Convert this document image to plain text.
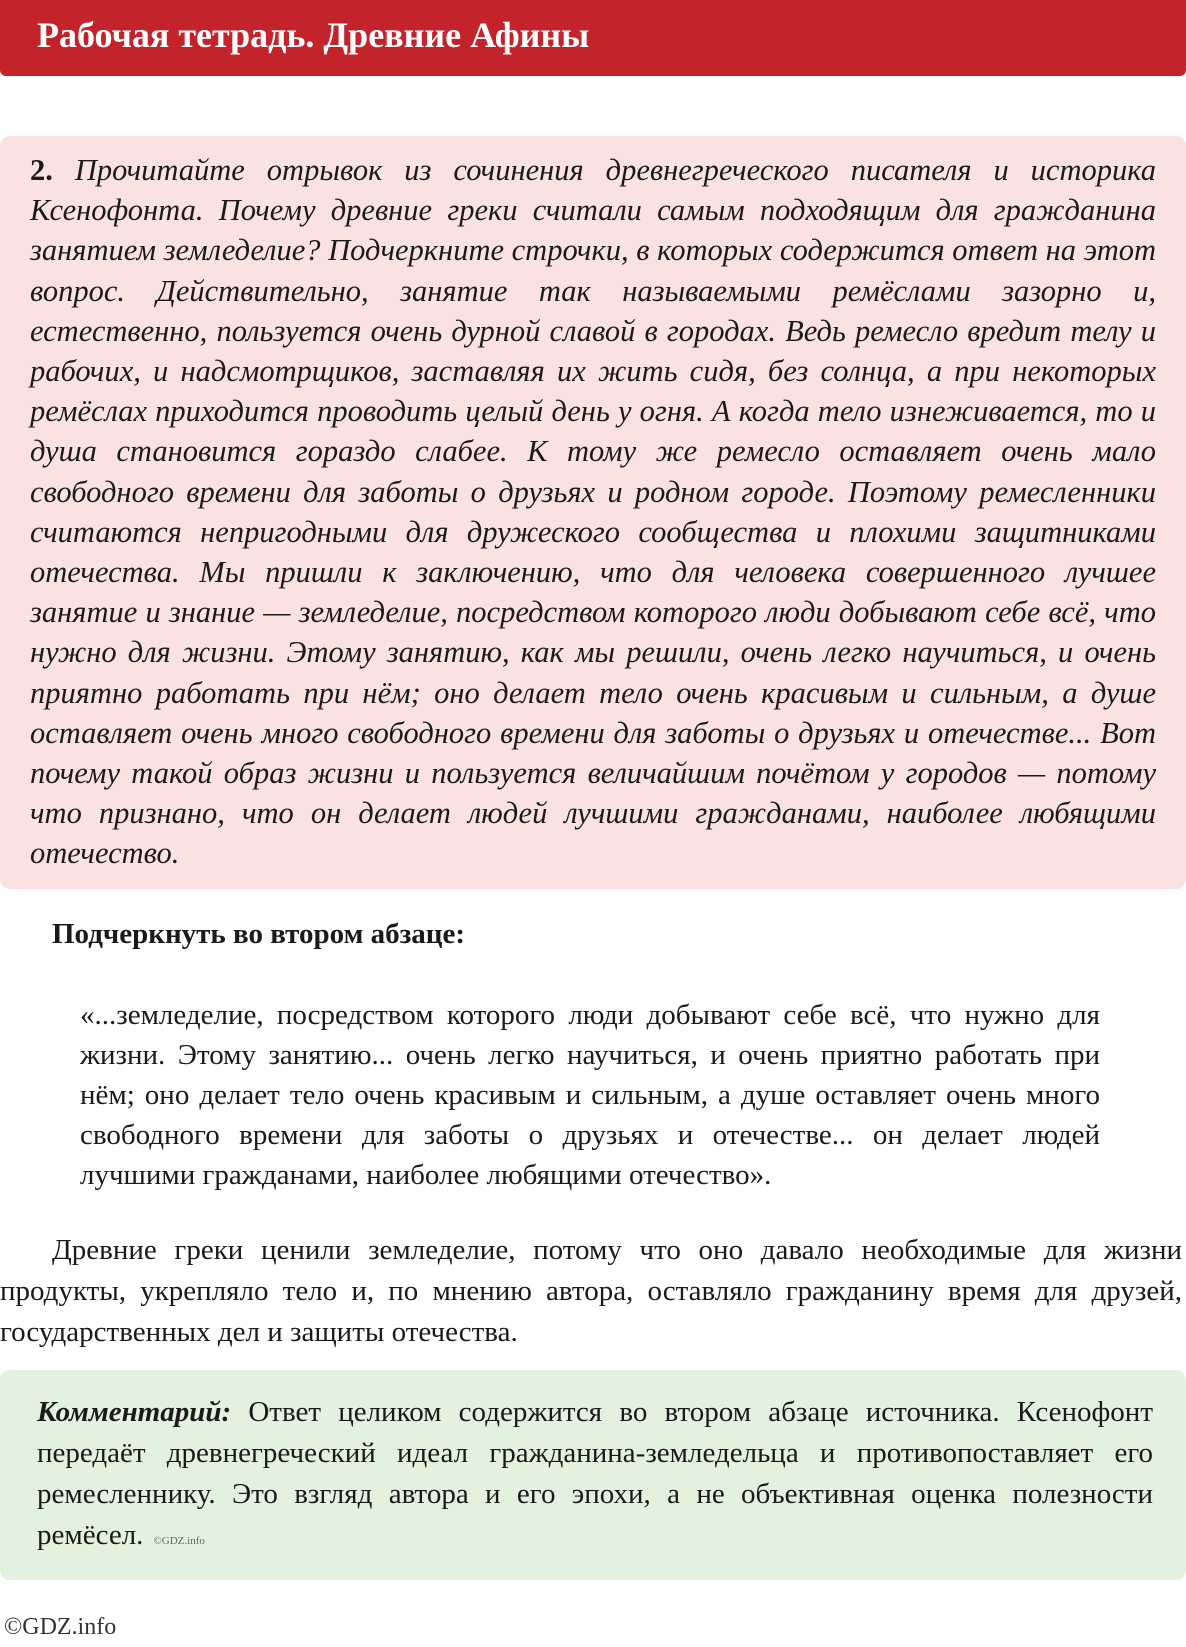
Рабочая тетрадь. Древние Афины
2. Прочитайте отрывок из сочинения древнегреческого писателя и историка Ксенофонта. Почему древние греки считали самым подходящим для гражданина занятием земледелие? Подчеркните строчки, в которых содержится ответ на этот вопрос. Действительно, занятие так называемыми ремёслами зазорно и, естественно, пользуется очень дурной славой в городах. Ведь ремесло вредит телу и рабочих, и надсмотрщиков, заставляя их жить сидя, без солнца, а при некоторых ремёслах приходится проводить целый день у огня. А когда тело изнеживается, то и душа становится гораздо слабее. К тому же ремесло оставляет очень мало свободного времени для заботы о друзьях и родном городе. Поэтому ремесленники считаются непригодными для дружеского сообщества и плохими защитниками отечества. Мы пришли к заключению, что для человека совершенного лучшее занятие и знание — земледелие, посредством которого люди добывают себе всё, что нужно для жизни. Этому занятию, как мы решили, очень легко научиться, и очень приятно работать при нём; оно делает тело очень красивым и сильным, а душе оставляет очень много свободного времени для заботы о друзьях и отечестве... Вот почему такой образ жизни и пользуется величайшим почётом у городов — потому что признано, что он делает людей лучшими гражданами, наиболее любящими отечество.
Подчеркнуть во втором абзаце:
«...земледелие, посредством которого люди добывают себе всё, что нужно для жизни. Этому занятию... очень легко научиться, и очень приятно работать при нём; оно делает тело очень красивым и сильным, а душе оставляет очень много свободного времени для заботы о друзьях и отечестве... он делает людей лучшими гражданами, наиболее любящими отечество».
Древние греки ценили земледелие, потому что оно давало необходимые для жизни продукты, укрепляло тело и, по мнению автора, оставляло гражданину время для друзей, государственных дел и защиты отечества.
Комментарий: Ответ целиком содержится во втором абзаце источника. Ксенофонт передаёт древнегреческий идеал гражданина-земледельца и противопоставляет его ремесленнику. Это взгляд автора и его эпохи, а не объективная оценка полезности ремёсел. ©GDZ.info
©GDZ.info
